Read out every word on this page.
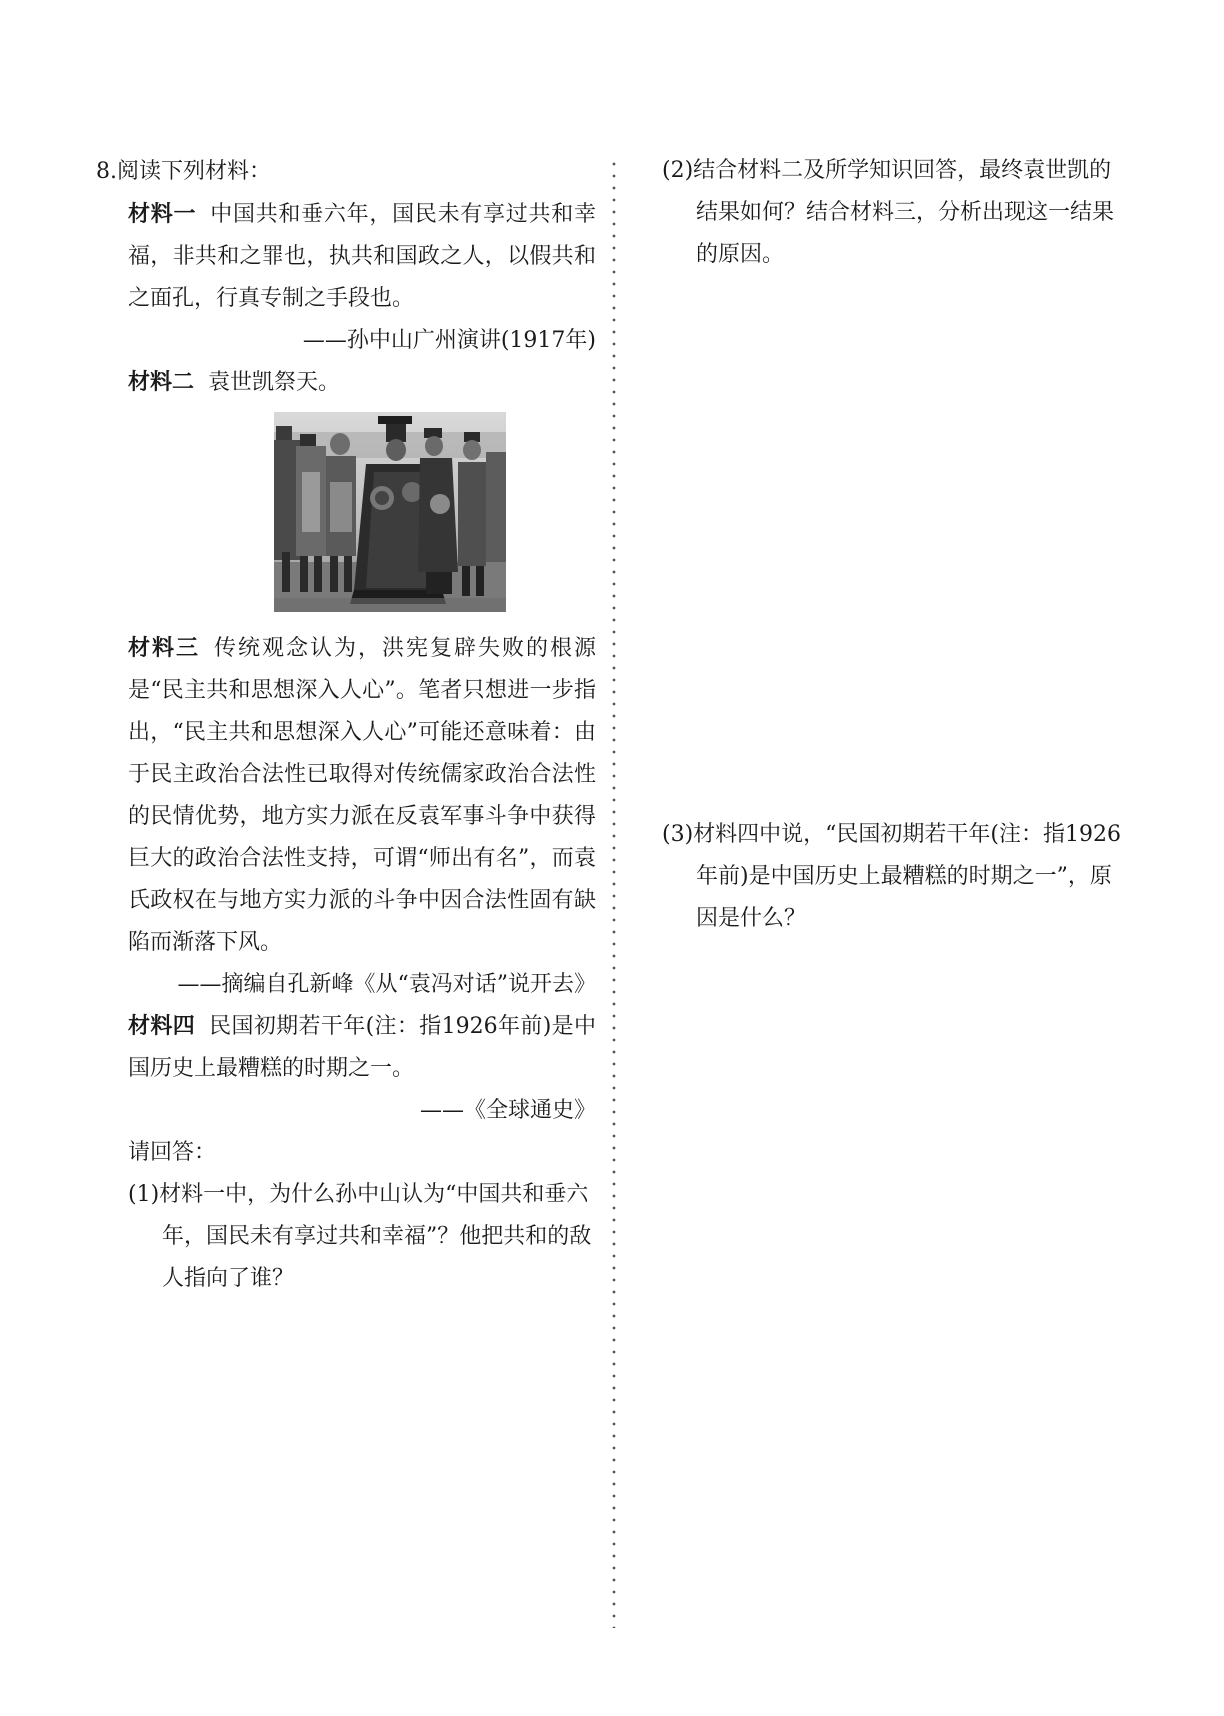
8.阅读下列材料：
材料一 中国共和垂六年，国民未有享过共和幸福，非共和之罪也，执共和国政之人，以假共和之面孔，行真专制之手段也。
——孙中山广州演讲(1917年)
材料二 袁世凯祭天。
材料三 传统观念认为，洪宪复辟失败的根源是“民主共和思想深入人心”。笔者只想进一步指出，“民主共和思想深入人心”可能还意味着：由于民主政治合法性已取得对传统儒家政治合法性的民情优势，地方实力派在反袁军事斗争中获得巨大的政治合法性支持，可谓“师出有名”，而袁氏政权在与地方实力派的斗争中因合法性固有缺陷而渐落下风。
——摘编自孔新峰《从“袁冯对话”说开去》
材料四 民国初期若干年(注：指1926年前)是中国历史上最糟糕的时期之一。
——《全球通史》
请回答：
(1)材料一中，为什么孙中山认为“中国共和垂六年，国民未有享过共和幸福”？他把共和的敌人指向了谁？
(2)结合材料二及所学知识回答，最终袁世凯的结果如何？结合材料三，分析出现这一结果的原因。
(3)材料四中说，“民国初期若干年(注：指1926年前)是中国历史上最糟糕的时期之一”，原因是什么？
